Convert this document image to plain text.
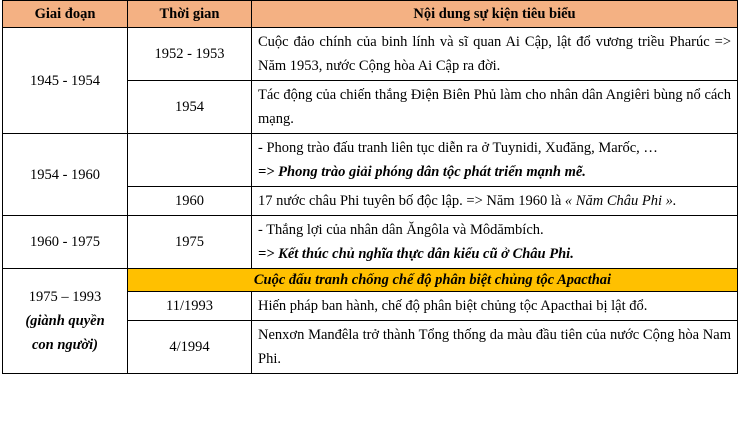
Giai đoạn	Thời gian	Nội dung sự kiện tiêu biểu
1945 - 1954	1952 - 1953	Cuộc đảo chính của binh lính và sĩ quan Ai Cập, lật đổ vương triều Pharúc => Năm 1953, nước Cộng hòa Ai Cập ra đời.
	1954	Tác động của chiến thắng Điện Biên Phủ làm cho nhân dân Angiêri bùng nổ cách mạng.
1954 - 1960		- Phong trào đấu tranh liên tục diễn ra ở Tuynidi, Xuđăng, Marốc, …
=> Phong trào giải phóng dân tộc phát triển mạnh mẽ.

	1960	17 nước châu Phi tuyên bố độc lập. => Năm 1960 là « Năm Châu Phi ».
1960 - 1975	1975	- Thắng lợi của nhân dân Ăngôla và Môdămbích.
=> Kết thúc chủ nghĩa thực dân kiểu cũ ở Châu Phi.

1975 – 1993
(giành quyền
con người)	Cuộc đấu tranh chống chế độ phân biệt chủng tộc Apacthai	
	11/1993	Hiến pháp ban hành, chế độ phân biệt chủng tộc Apacthai bị lật đổ.
	4/1994	Nenxơn Manđêla trở thành Tổng thống da màu đầu tiên của nước Cộng hòa Nam Phi.
